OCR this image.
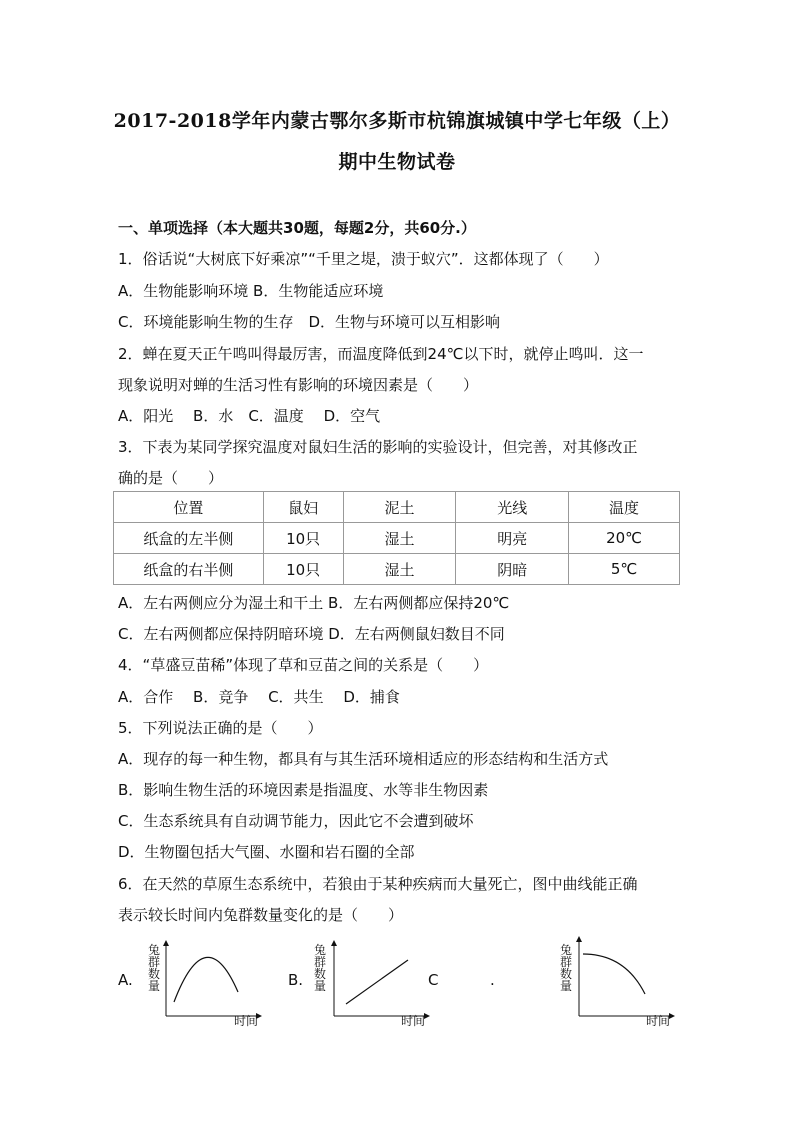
2017-2018学年内蒙古鄂尔多斯市杭锦旗城镇中学七年级（上）
期中生物试卷
一、单项选择（本大题共30题，每题2分，共60分.）
1．俗话说“大树底下好乘凉”“千里之堤，溃于蚁穴”．这都体现了（　　）
A．生物能影响环境 B．生物能适应环境
C．环境能影响生物的生存　D．生物与环境可以互相影响
2．蝉在夏天正午鸣叫得最厉害，而温度降低到24℃以下时，就停止鸣叫．这一
现象说明对蝉的生活习性有影响的环境因素是（　　）
A．阳光　 B．水　C．温度　 D．空气
3．下表为某同学探究温度对鼠妇生活的影响的实验设计，但完善，对其修改正
确的是（　　）
位置	鼠妇	泥土	光线	温度
纸盒的左半侧	10只	湿土	明亮	20℃
纸盒的右半侧	10只	湿土	阴暗	5℃
A．左右两侧应分为湿土和干土 B．左右两侧都应保持20℃
C．左右两侧都应保持阴暗环境 D．左右两侧鼠妇数目不同
4．“草盛豆苗稀”体现了草和豆苗之间的关系是（　　）
A．合作　 B．竞争　 C．共生　 D．捕食
5．下列说法正确的是（　　）
A．现存的每一种生物，都具有与其生活环境相适应的形态结构和生活方式
B．影响生物生活的环境因素是指温度、水等非生物因素
C．生态系统具有自动调节能力，因此它不会遭到破坏
D．生物圈包括大气圈、水圈和岩石圈的全部
6．在天然的草原生态系统中，若狼由于某种疾病而大量死亡，图中曲线能正确
表示较长时间内兔群数量变化的是（　　）
A.
兔群数量	B.
兔群数量
时间
时间
C	.
兔群数量
时间
